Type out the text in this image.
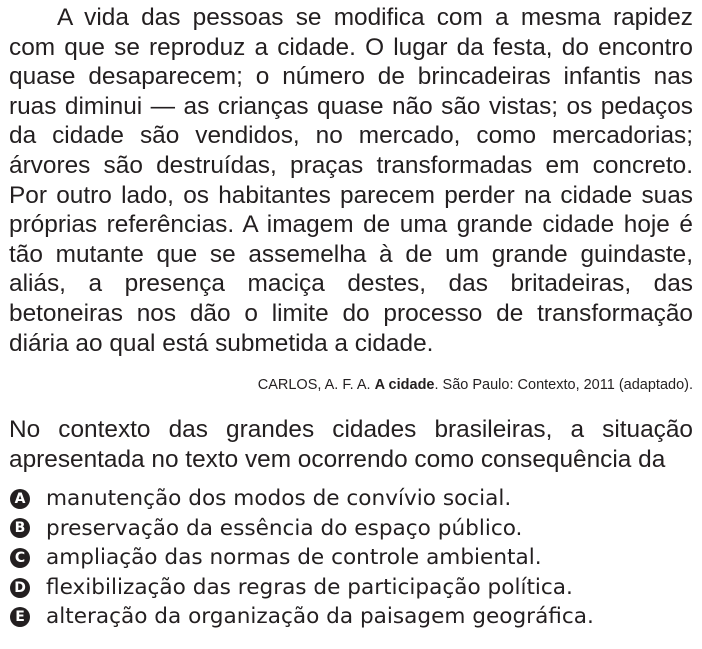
A vida das pessoas se modifica com a mesma rapidez com que se reproduz a cidade. O lugar da festa, do encontro quase desaparecem; o número de brincadeiras infantis nas ruas diminui — as crianças quase não são vistas; os pedaços da cidade são vendidos, no mercado, como mercadorias; árvores são destruídas, praças transformadas em concreto. Por outro lado, os habitantes parecem perder na cidade suas próprias referências. A imagem de uma grande cidade hoje é tão mutante que se assemelha à de um grande guindaste, aliás, a presença maciça destes, das britadeiras, das betoneiras nos dão o limite do processo de transformação diária ao qual está submetida a cidade.

CARLOS, A. F. A. A cidade. São Paulo: Contexto, 2011 (adaptado).

No contexto das grandes cidades brasileiras, a situação apresentada no texto vem ocorrendo como consequência da

A manutenção dos modos de convívio social.
B preservação da essência do espaço público.
C ampliação das normas de controle ambiental.
D flexibilização das regras de participação política.
E alteração da organização da paisagem geográfica.
